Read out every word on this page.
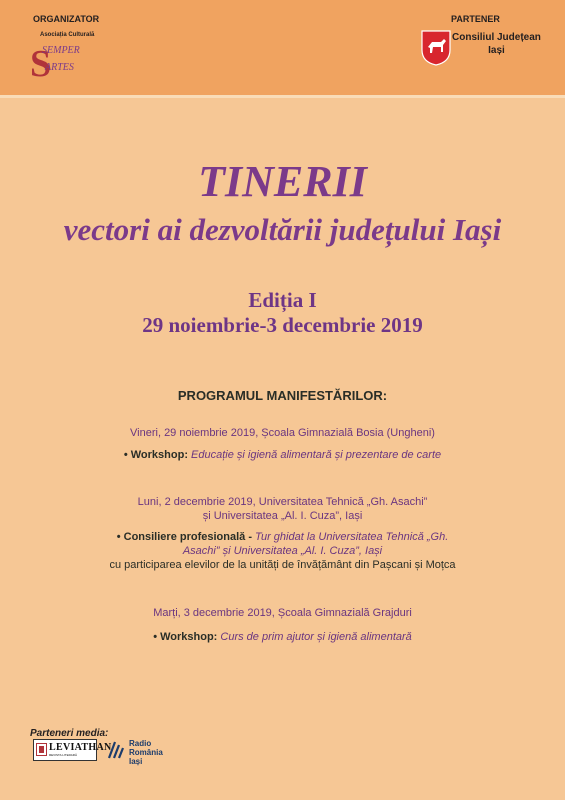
ORGANIZATOR
Asociația Culturală
S
SEMPER
ARTES
PARTENER
Consiliul Județean
Iași
TINERII
vectori ai dezvoltării județului Iași
Ediția I
29 noiembrie-3 decembrie 2019
PROGRAMUL MANIFESTĂRILOR:
Vineri, 29 noiembrie 2019, Școala Gimnazială Bosia (Ungheni)
• Workshop: Educație și igienă alimentară și prezentare de carte
Luni, 2 decembrie 2019, Universitatea Tehnică „Gh. Asachi”
și Universitatea „Al. I. Cuza”, Iași
• Consiliere profesională - Tur ghidat la Universitatea Tehnică „Gh.
Asachi” și Universitatea „Al. I. Cuza”, Iași
cu participarea elevilor de la unități de învățământ din Pașcani și Moțca
Marți, 3 decembrie 2019, Școala Gimnazială Grajduri
• Workshop: Curs de prim ajutor și igienă alimentară
Parteneri media:
LEVIATHAN
REVISTA LITERARĂ
Radio
România
Iași
